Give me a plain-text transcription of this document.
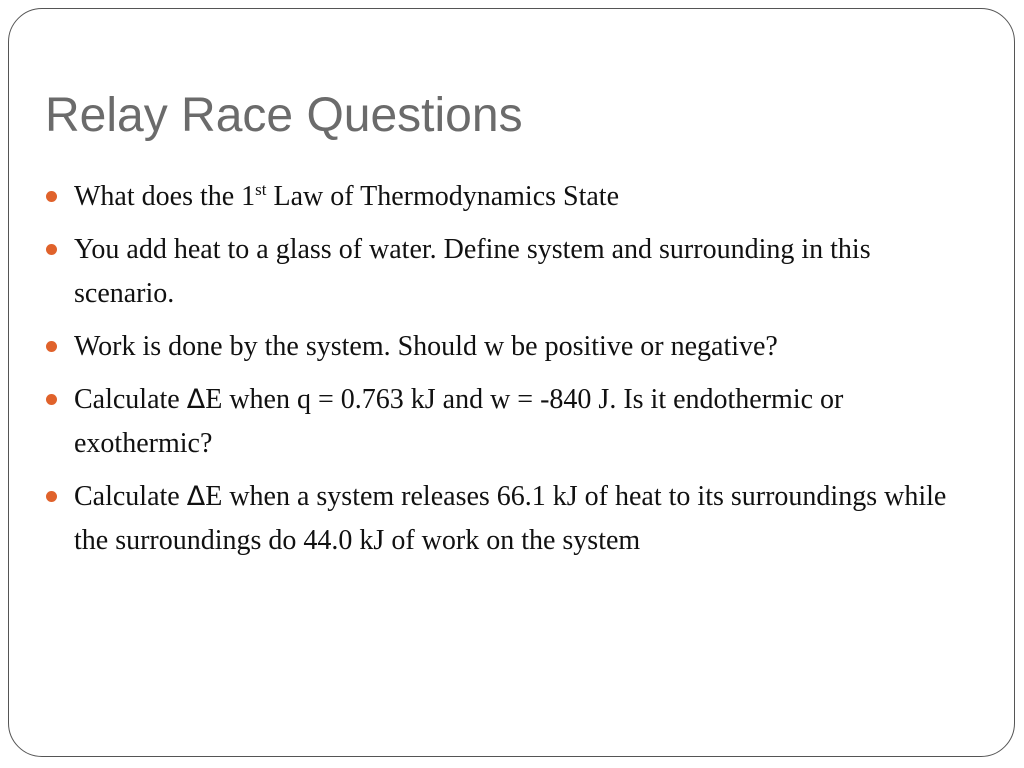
Relay Race Questions
What does the 1st Law of Thermodynamics State
You add heat to a glass of water. Define system and surrounding in this scenario.
Work is done by the system. Should w be positive or negative?
Calculate ΔE when q = 0.763 kJ and w = -840 J. Is it endothermic or exothermic?
Calculate ΔE when a system releases 66.1 kJ of heat to its surroundings while the surroundings do 44.0 kJ of work on the system
